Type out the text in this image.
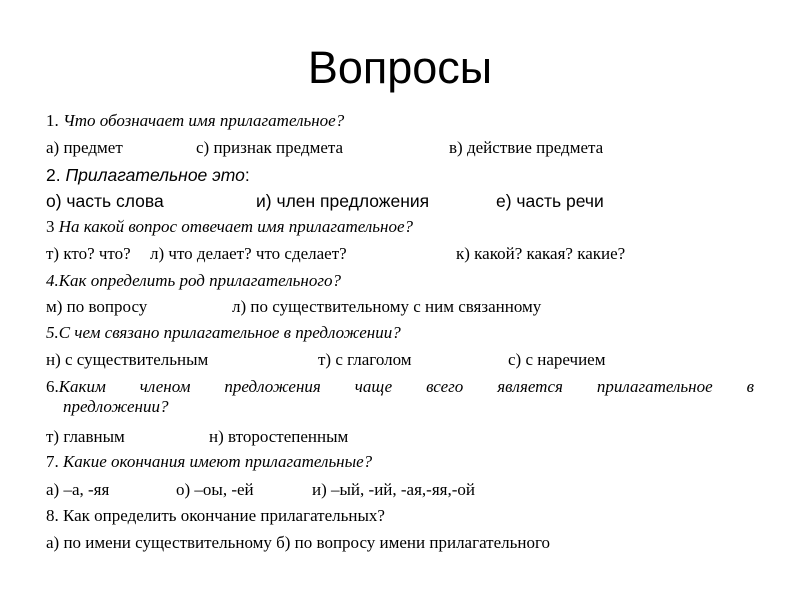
Вопросы
1. Что обозначает имя прилагательное?
а) предмет	с) признак предмета	в) действие предмета
2. Прилагательное это:
о) часть слова	и) член предложения	е) часть речи
3 На какой вопрос отвечает имя прилагательное?
т) кто? что? л) что делает? что сделает?	к) какой? какая? какие?
4.Как определить род прилагательного?
м) по вопросу	л) по существительному с ним связанному
5.С чем связано прилагательное в предложении?
н) с существительным	т) с глаголом	с) с наречием
6.Каким членом предложения чаще всего является прилагательное в
предложении?
т) главным	н) второстепенным
7. Какие окончания имеют прилагательные?
а) –а, -яя	о) –оы, -ей	и) –ый, -ий, -ая,-яя,-ой
8. Как определить окончание прилагательных?
а) по имени существительному б) по вопросу имени прилагательного
